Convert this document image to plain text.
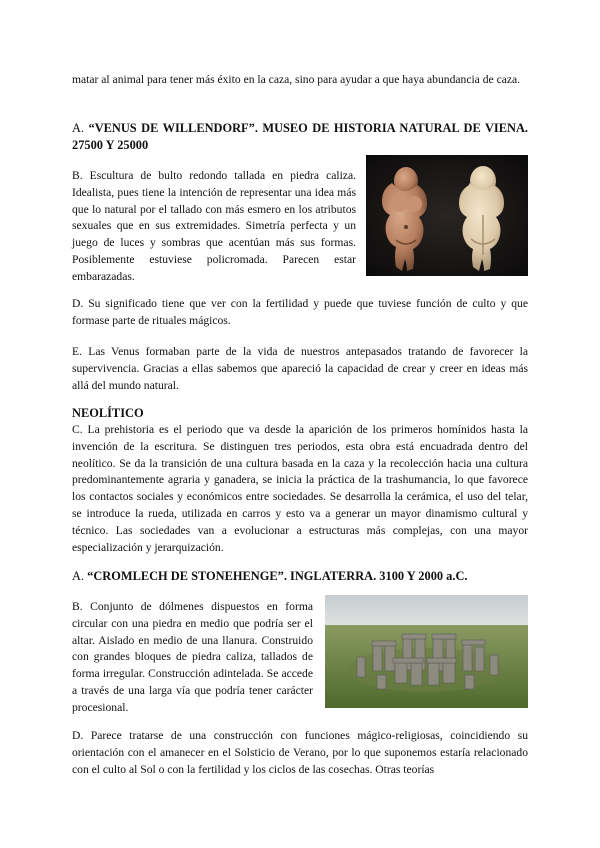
matar al animal para tener más éxito en la caza, sino para ayudar a que haya abundancia de caza.

A. “VENUS DE WILLENDORF”. MUSEO DE HISTORIA NATURAL DE VIENA. 27500 Y 25000

B. Escultura de bulto redondo tallada en piedra caliza. Idealista, pues tiene la intención de representar una idea más que lo natural por el tallado con más esmero en los atributos sexuales que en sus extremidades. Simetría perfecta y un juego de luces y sombras que acentúan más sus formas. Posiblemente estuviese policromada. Parecen estar embarazadas.

D. Su significado tiene que ver con la fertilidad y puede que tuviese función de culto y que formase parte de rituales mágicos.

E. Las Venus formaban parte de la vida de nuestros antepasados tratando de favorecer la supervivencia. Gracias a ellas sabemos que apareció la capacidad de crear y creer en ideas más allá del mundo natural.

NEOLÍTICO

C. La prehistoria es el periodo que va desde la aparición de los primeros homínidos hasta la invención de la escritura. Se distinguen tres periodos, esta obra está encuadrada dentro del neolítico. Se da la transición de una cultura basada en la caza y la recolección hacia una cultura predominantemente agraria y ganadera, se inicia la práctica de la trashumancia, lo que favorece los contactos sociales y económicos entre sociedades. Se desarrolla la cerámica, el uso del telar, se introduce la rueda, utilizada en carros y esto va a generar un mayor dinamismo cultural y técnico. Las sociedades van a evolucionar a estructuras más complejas, con una mayor especialización y jerarquización.

A. “CROMLECH DE STONEHENGE”. INGLATERRA. 3100 Y 2000 a.C.

B. Conjunto de dólmenes dispuestos en forma circular con una piedra en medio que podría ser el altar. Aislado en medio de una llanura. Construido con grandes bloques de piedra caliza, tallados de forma irregular. Construcción adintelada. Se accede a través de una larga vía que podría tener carácter procesional.

D. Parece tratarse de una construcción con funciones mágico-religiosas, coincidiendo su orientación con el amanecer en el Solsticio de Verano, por lo que suponemos estaría relacionado con el culto al Sol o con la fertilidad y los ciclos de las cosechas. Otras teorías
